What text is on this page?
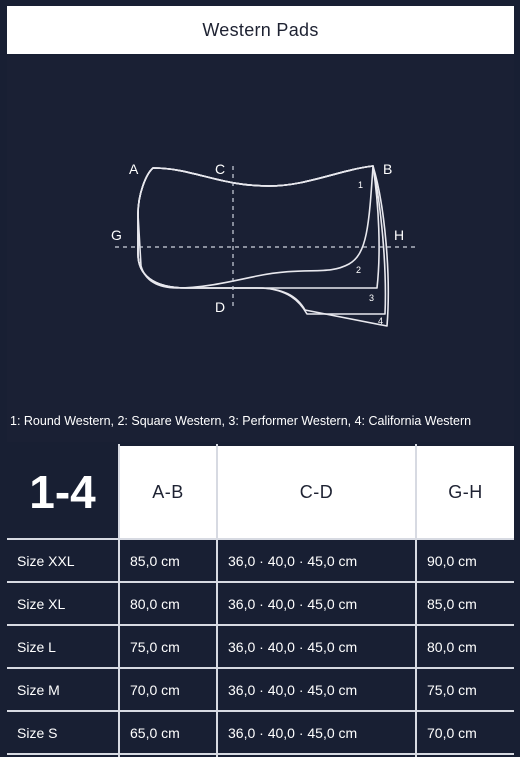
Western Pads
A	C	B
G	H
D
1
2
3
4
1: Round Western, 2: Square Western, 3: Performer Western, 4: California Western
1-4	A-B	C-D	G-H
Size XXL	85,0 cm	36,0 · 40,0 · 45,0 cm	90,0 cm
Size XL	80,0 cm	36,0 · 40,0 · 45,0 cm	85,0 cm
Size L	75,0 cm	36,0 · 40,0 · 45,0 cm	80,0 cm
Size M	70,0 cm	36,0 · 40,0 · 45,0 cm	75,0 cm
Size S	65,0 cm	36,0 · 40,0 · 45,0 cm	70,0 cm
